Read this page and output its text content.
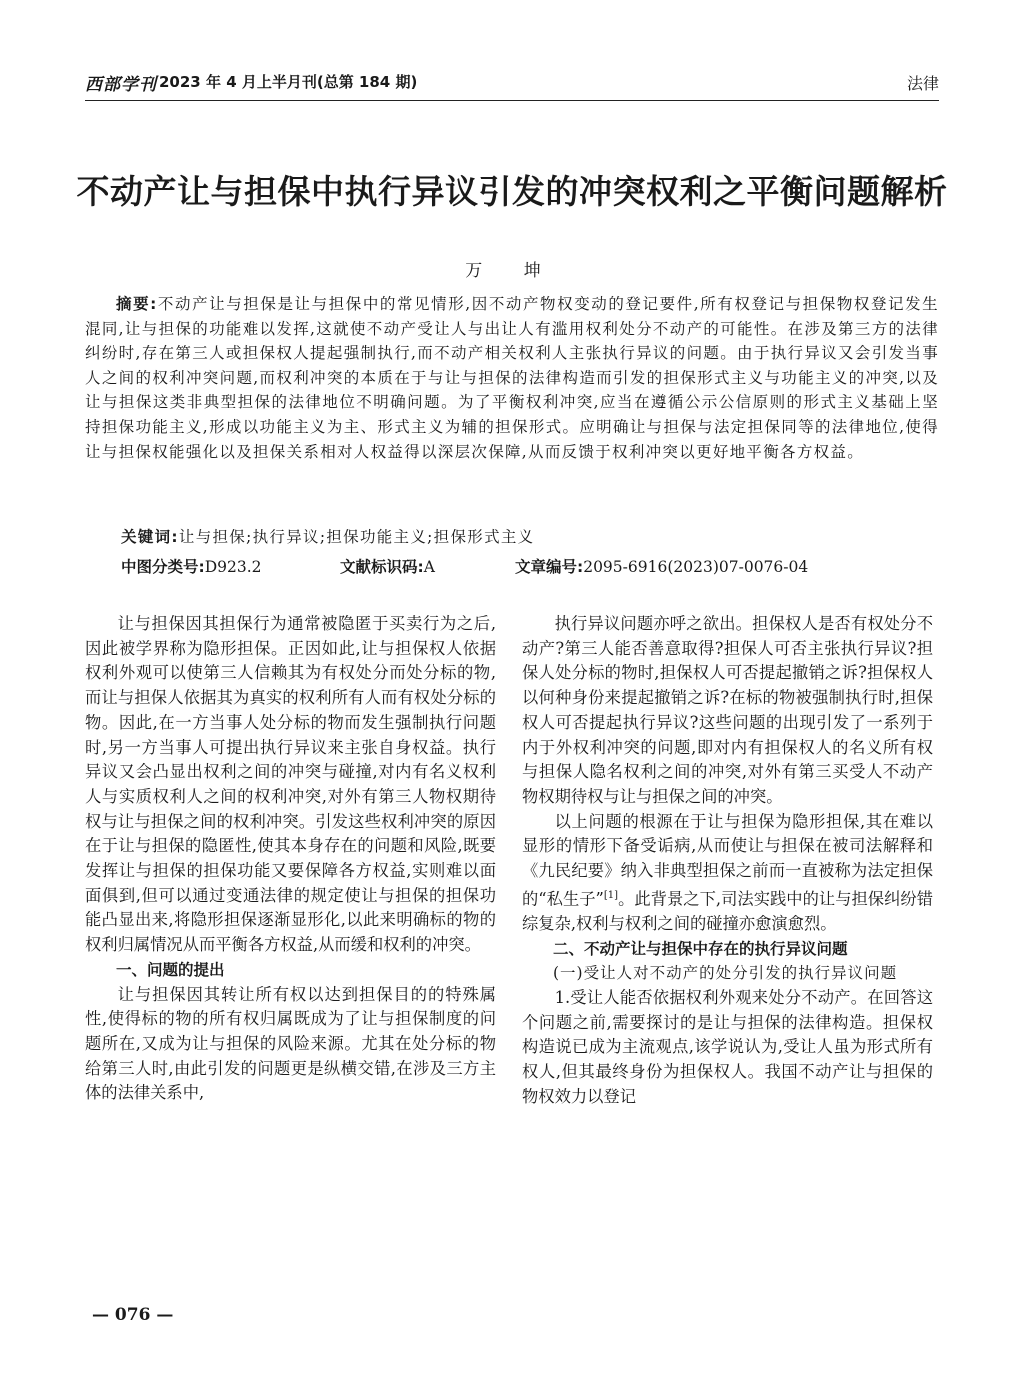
西部学刊 2023 年 4 月上半月刊(总第 184 期)	法律
不动产让与担保中执行异议引发的冲突权利之平衡问题解析
万 坤

摘要:不动产让与担保是让与担保中的常见情形,因不动产物权变动的登记要件,所有权登记与担保物权登记发生混同,让与担保的功能难以发挥,这就使不动产受让人与出让人有滥用权利处分不动产的可能性。在涉及第三方的法律纠纷时,存在第三人或担保权人提起强制执行,而不动产相关权利人主张执行异议的问题。由于执行异议又会引发当事人之间的权利冲突问题,而权利冲突的本质在于与让与担保的法律构造而引发的担保形式主义与功能主义的冲突,以及让与担保这类非典型担保的法律地位不明确问题。为了平衡权利冲突,应当在遵循公示公信原则的形式主义基础上坚持担保功能主义,形成以功能主义为主、形式主义为辅的担保形式。应明确让与担保与法定担保同等的法律地位,使得让与担保权能强化以及担保关系相对人权益得以深层次保障,从而反馈于权利冲突以更好地平衡各方权益。

关键词:让与担保;执行异议;担保功能主义;担保形式主义
中图分类号:D923.2	文献标识码:A	文章编号:2095-6916(2023)07-0076-04

让与担保因其担保行为通常被隐匿于买卖行为之后,因此被学界称为隐形担保。正因如此,让与担保权人依据权利外观可以使第三人信赖其为有权处分而处分标的物,而让与担保人依据其为真实的权利所有人而有权处分标的物。因此,在一方当事人处分标的物而发生强制执行问题时,另一方当事人可提出执行异议来主张自身权益。执行异议又会凸显出权利之间的冲突与碰撞,对内有名义权利人与实质权利人之间的权利冲突,对外有第三人物权期待权与让与担保之间的权利冲突。引发这些权利冲突的原因在于让与担保的隐匿性,使其本身存在的问题和风险,既要发挥让与担保的担保功能又要保障各方权益,实则难以面面俱到,但可以通过变通法律的规定使让与担保的担保功能凸显出来,将隐形担保逐渐显形化,以此来明确标的物的权利归属情况从而平衡各方权益,从而缓和权利的冲突。

一、问题的提出

让与担保因其转让所有权以达到担保目的的特殊属性,使得标的物的所有权归属既成为了让与担保制度的问题所在,又成为让与担保的风险来源。尤其在处分标的物给第三人时,由此引发的问题更是纵横交错,在涉及三方主体的法律关系中,

执行异议问题亦呼之欲出。担保权人是否有权处分不动产?第三人能否善意取得?担保人可否主张执行异议?担保人处分标的物时,担保权人可否提起撤销之诉?担保权人以何种身份来提起撤销之诉?在标的物被强制执行时,担保权人可否提起执行异议?这些问题的出现引发了一系列于内于外权利冲突的问题,即对内有担保权人的名义所有权与担保人隐名权利之间的冲突,对外有第三买受人不动产物权期待权与让与担保之间的冲突。

以上问题的根源在于让与担保为隐形担保,其在难以显形的情形下备受诟病,从而使让与担保在被司法解释和《九民纪要》纳入非典型担保之前而一直被称为法定担保的“私生子”[1]。此背景之下,司法实践中的让与担保纠纷错综复杂,权利与权利之间的碰撞亦愈演愈烈。

二、不动产让与担保中存在的执行异议问题

(一)受让人对不动产的处分引发的执行异议问题

1.受让人能否依据权利外观来处分不动产。在回答这个问题之前,需要探讨的是让与担保的法律构造。担保权构造说已成为主流观点,该学说认为,受让人虽为形式所有权人,但其最终身份为担保权人。我国不动产让与担保的物权效力以登记

— 076 —
